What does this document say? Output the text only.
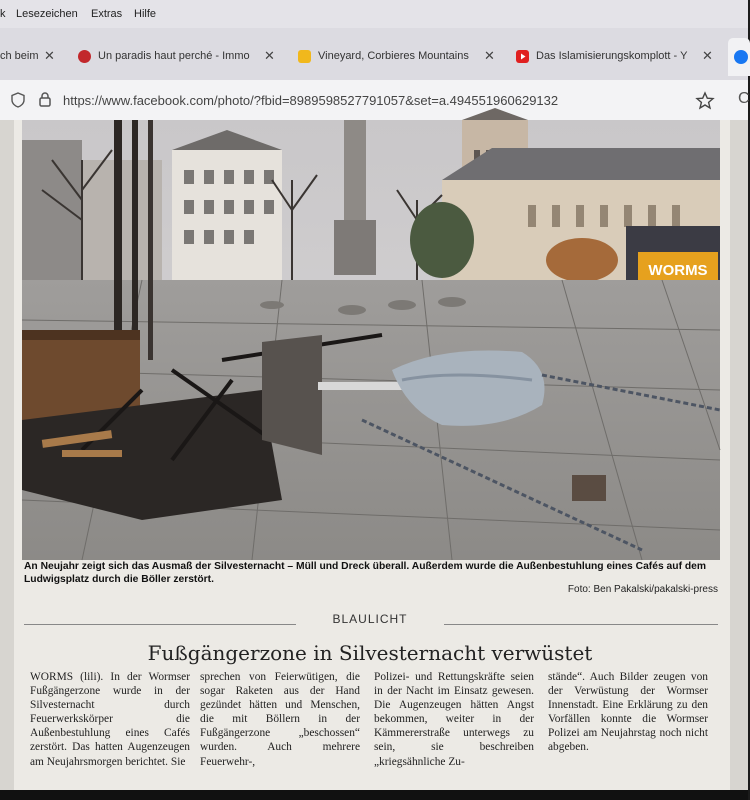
k Lesezeichen Extras Hilfe
ch beim ✕	Un paradis haut perché - Immo	✕	Vineyard, Corbieres Mountains	✕	Das Islamisierungskomplott - Y	✕
https://www.facebook.com/photo/?fbid=8989598527791057&set=a.494551960629132	C
WORMS
An Neujahr zeigt sich das Ausmaß der Silvesternacht – Müll und Dreck überall. Außerdem wurde die Außenbestuhlung eines Cafés auf dem Ludwigsplatz durch die Böller zerstört.
Foto: Ben Pakalski/pakalski-press
BLAULICHT
Fußgängerzone in Silvesternacht verwüstet

WORMS (lili). In der Wormser Fußgängerzone wurde in der Silvesternacht durch Feuerwerkskörper die Außenbestuhlung eines Cafés zerstört. Das hatten Augenzeugen am Neujahrsmorgen berichtet. Sie

sprechen von Feierwütigen, die sogar Raketen aus der Hand gezündet hätten und Menschen, die mit Böllern in der Fußgängerzone „beschossen“ wurden. Auch mehrere Feuerwehr-,

Polizei- und Rettungskräfte seien in der Nacht im Einsatz gewesen. Die Augenzeugen hätten Angst bekommen, weiter in der Kämmererstraße unterwegs zu sein, sie beschreiben „kriegsähnliche Zu-

stände“. Auch Bilder zeugen von der Verwüstung der Wormser Innenstadt. Eine Erklärung zu den Vorfällen konnte die Wormser Polizei am Neujahrstag noch nicht abgeben.
